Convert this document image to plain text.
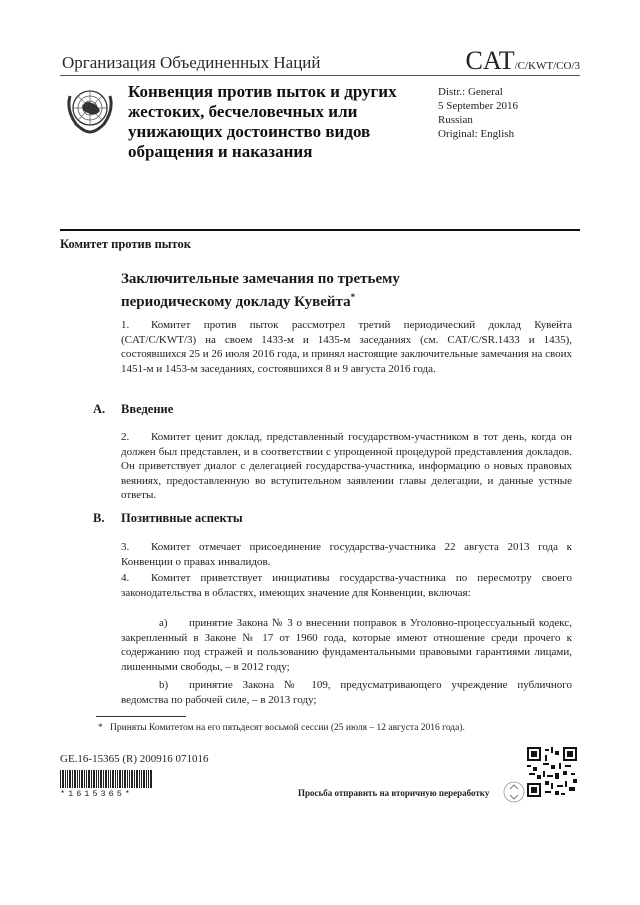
Организация Объединенных Наций	CAT/C/KWT/CO/3
Конвенция против пыток и других жестоких, бесчеловечных или унижающих достоинство видов обращения и наказания
Distr.: General
5 September 2016
Russian
Original: English
Комитет против пыток
Заключительные замечания по третьему периодическому докладу Кувейта*
1. Комитет против пыток рассмотрел третий периодический доклад Кувейта (CAT/C/KWT/3) на своем 1433-м и 1435-м заседаниях (см. CAT/C/SR.1433 и 1435), состоявшихся 25 и 26 июля 2016 года, и принял настоящие заключительные замечания на своих 1451-м и 1453-м заседаниях, состоявшихся 8 и 9 августа 2016 года.
A. Введение
2. Комитет ценит доклад, представленный государством-участником в тот день, когда он должен был представлен, и в соответствии с упрощенной процедурой представления докладов. Он приветствует диалог с делегацией государства-участника, информацию о новых правовых веяниях, предоставленную во вступительном заявлении главы делегации, и данные устные ответы.
B. Позитивные аспекты
3. Комитет отмечает присоединение государства-участника 22 августа 2013 года к Конвенции о правах инвалидов.
4. Комитет приветствует инициативы государства-участника по пересмотру своего законодательства в областях, имеющих значение для Конвенции, включая:
a) принятие Закона № 3 о внесении поправок в Уголовно-процессуальный кодекс, закрепленный в Законе № 17 от 1960 года, которые имеют отношение среди прочего к содержанию под стражей и пользованию фундаментальными правовыми гарантиями лицами, лишенными свободы, – в 2012 году;
b) принятие Закона № 109, предусматривающего учреждение публичного ведомства по рабочей силе, – в 2013 году;
* Приняты Комитетом на его пятьдесят восьмой сессии (25 июля – 12 августа 2016 года).
GE.16-15365 (R) 200916 071016
*1615365*	Просьба отправить на вторичную переработку
